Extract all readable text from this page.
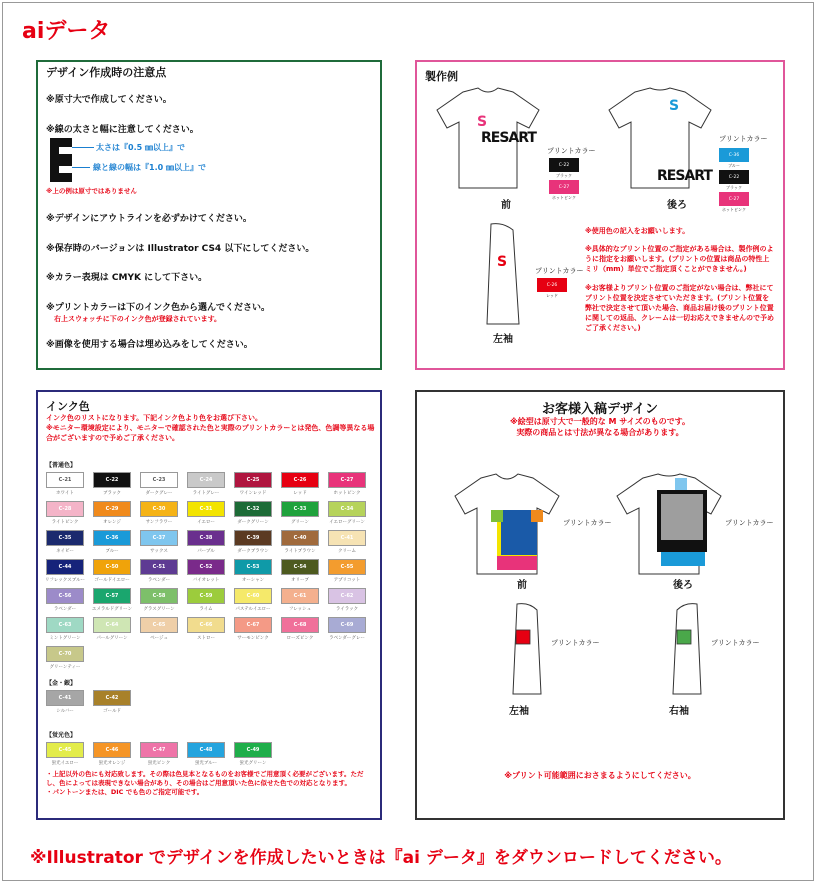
aiデータ
デザイン作成時の注意点
※原寸大で作成してください。
※線の太さと幅に注意してください。
太さは『0.5 ㎜以上』で
線と線の幅は『1.0 ㎜以上』で
※上の例は原寸ではありません
※デザインにアウトラインを必ずかけてください。
※保存時のバージョンは Illustrator CS4 以下にしてください。
※カラー表現は CMYK にして下さい。
※プリントカラーは下のインク色から選んでください。
右上スウォッチに下のインク色が登録されています。
※画像を使用する場合は埋め込みをしてください。
製作例
S
RESART
前
プリントカラー
S
RESART
後ろ
プリントカラー
S
左袖
プリントカラー
C-26
レッド
※使用色の記入をお願いします。
※具体的なプリント位置のご指定がある場合は、製作例のように指定をお願いします。(プリントの位置は商品の特性上ミリ（mm）単位でご指定頂くことができません。)
※お客様よりプリント位置のご指定がない場合は、弊社にてプリント位置を決定させていただきます。(プリント位置を弊社で決定させて頂いた場合、商品お届け後のプリント位置に関しての返品、クレームは一切お応えできませんので予めご了承ください。)
C-22
ブラック
C-27
ホットピンク
C-36
ブルー
C-22
ブラック
C-27
ホットピンク
インク色
インク色のリストになります。下記インク色より色をお選び下さい。
※モニター環境設定により、モニターで確認された色と実際のプリントカラーとは発色、色調等異なる場合がございますので予めご了承ください。
【普通色】
【金・銀】
【蛍光色】
・上記以外の色にも対応致します。その際は色見本となるものをお客様でご用意頂く必要がございます。ただし、色によっては表現できない場合があり、その場合はご用意頂いた色に似せた色での対応となります。
・パントーンまたは、DIC でも色のご指定可能です。
C-21
ホワイト
C-22
ブラック
C-23
ダークグレー
C-24
ライトグレー
C-25
ワインレッド
C-26
レッド
C-27
ホットピンク
C-28
ライトピンク
C-29
オレンジ
C-30
サンフラワー
C-31
イエロー
C-32
ダークグリーン
C-33
グリーン
C-34
イエローグリーン
C-35
ネイビー
C-36
ブルー
C-37
サックス
C-38
パープル
C-39
ダークブラウン
C-40
ライトブラウン
C-41
クリーム
C-44
リフレックスブルー
C-50
ゴールドイエロー
C-51
ラベンダー
C-52
バイオレット
C-53
オーシャン
C-54
オリーブ
C-55
アプリコット
C-56
ラベンダー
C-57
エメラルドグリーン
C-58
グラスグリーン
C-59
ライム
C-60
パステルイエロー
C-61
フレッシュ
C-62
ライラック
C-63
ミントグリーン
C-64
パールグリーン
C-65
ベージュ
C-66
ストロー
C-67
サーモンピンク
C-68
ローズピンク
C-69
ラベンダーグレー
C-70
グリーンティー
C-41
シルバー
C-42
ゴールド
C-45
蛍光イエロー
C-46
蛍光オレンジ
C-47
蛍光ピンク
C-48
蛍光ブルー
C-49
蛍光グリーン
お客様入稿デザイン
※絵型は原寸大で一般的な M サイズのものです。
実際の商品とは寸法が異なる場合があります。
前
プリントカラー
後ろ
プリントカラー
左袖
プリントカラー
右袖
プリントカラー
※プリント可能範囲におさまるようにしてください。
※Illustrator でデザインを作成したいときは『ai データ』をダウンロードしてください。
